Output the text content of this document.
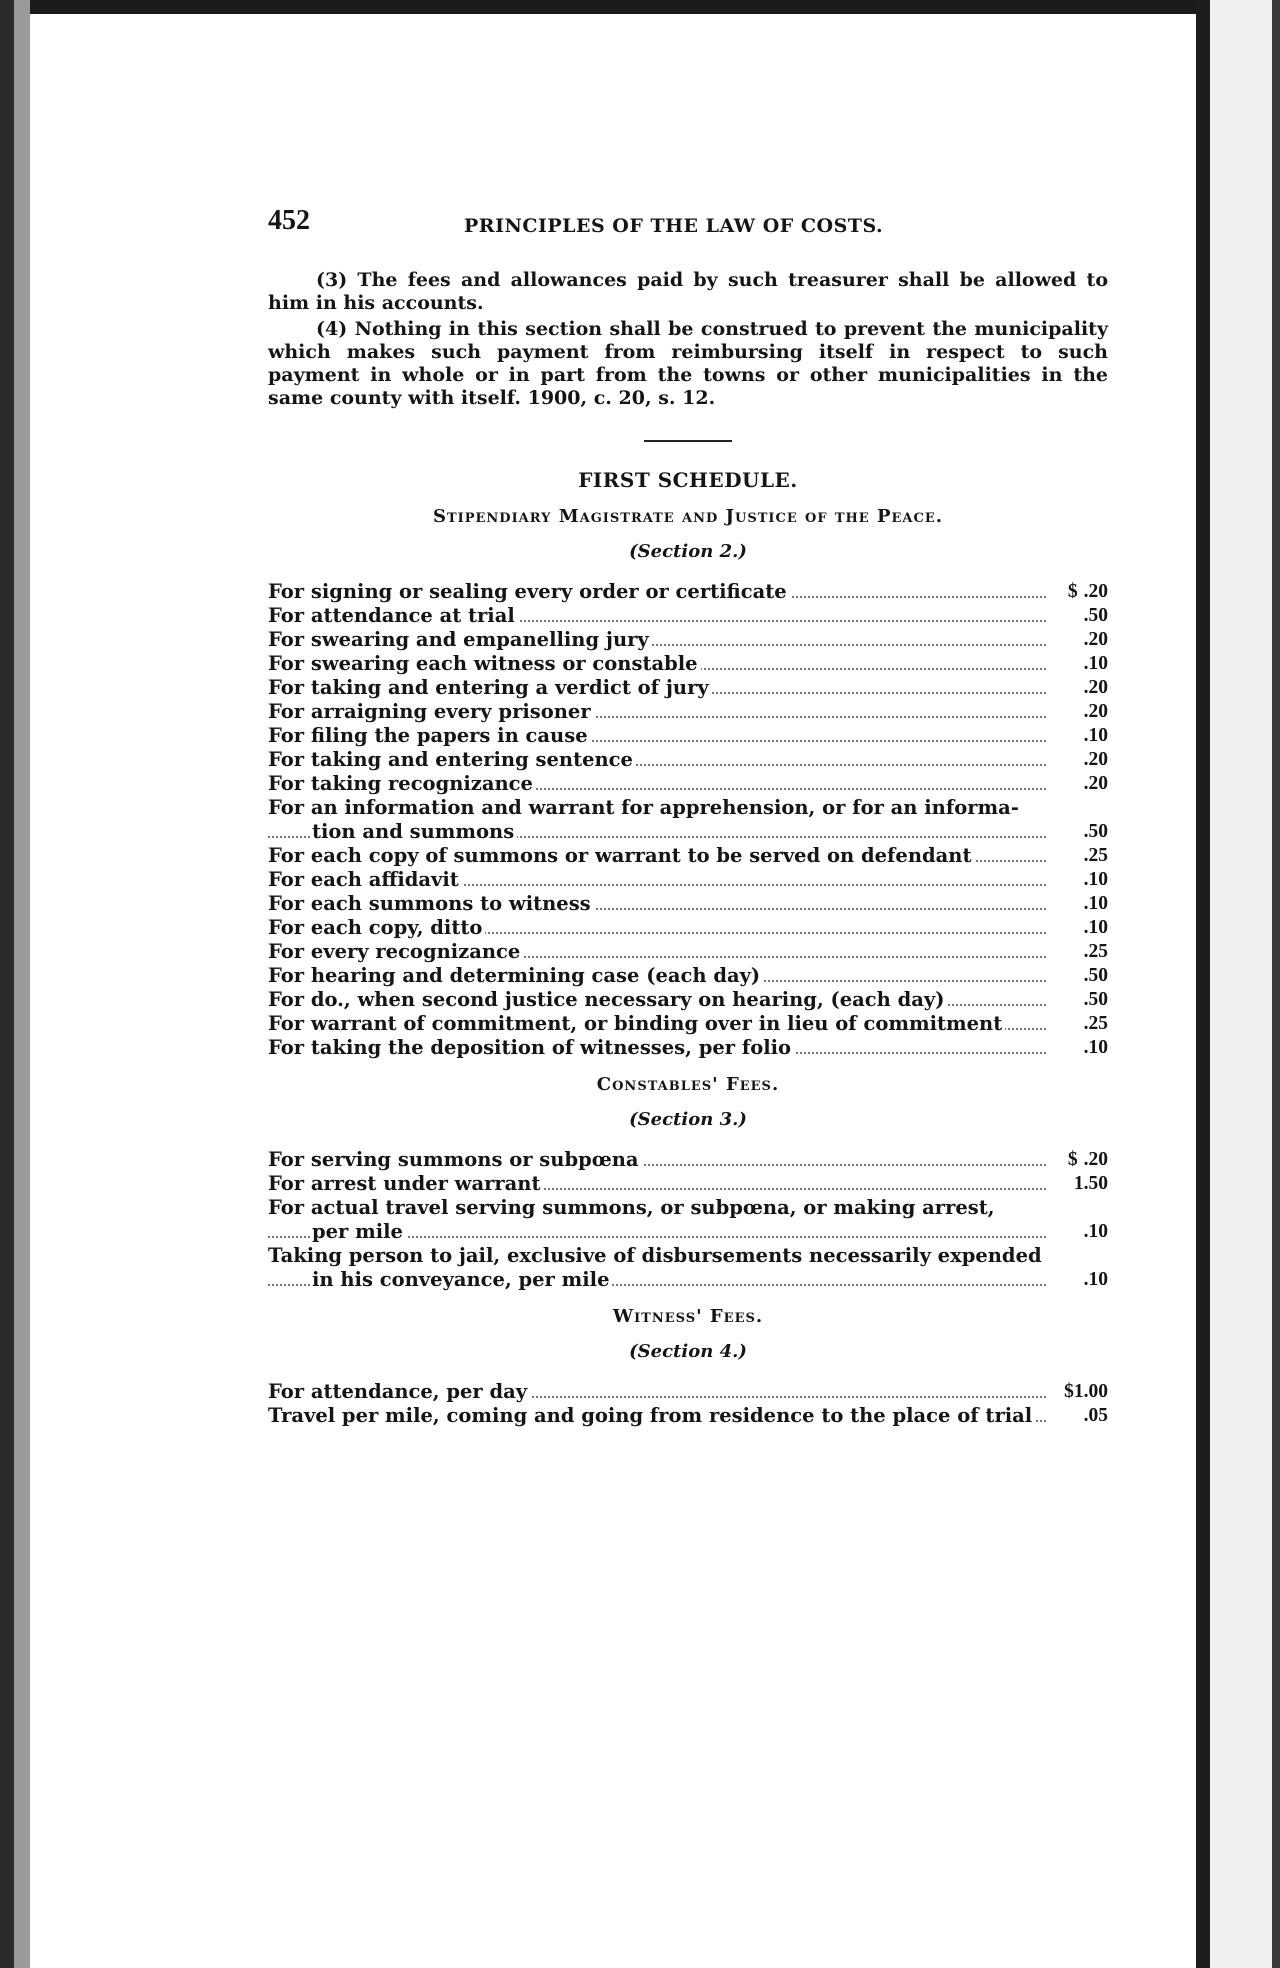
452	PRINCIPLES OF THE LAW OF COSTS.

(3) The fees and allowances paid by such treasurer shall be allowed to him in his accounts.

(4) Nothing in this section shall be construed to prevent the municipality which makes such payment from reimbursing itself in respect to such payment in whole or in part from the towns or other municipalities in the same county with itself. 1900, c. 20, s. 12.

FIRST SCHEDULE.
Stipendiary Magistrate and Justice of the Peace.
(Section 2.)
For signing or sealing every order or certificate	$ .20
For attendance at trial	.50
For swearing and empanelling jury	.20
For swearing each witness or constable	.10
For taking and entering a verdict of jury	.20
For arraigning every prisoner	.20
For filing the papers in cause	.10
For taking and entering sentence	.20
For taking recognizance	.20
For an information and warrant for apprehension, or for an informa-
tion and summons	.50
For each copy of summons or warrant to be served on defendant	.25
For each affidavit	.10
For each summons to witness	.10
For each copy, ditto	.10
For every recognizance	.25
For hearing and determining case (each day)	.50
For do., when second justice necessary on hearing, (each day)	.50
For warrant of commitment, or binding over in lieu of commitment	.25
For taking the deposition of witnesses, per folio	.10
Constables' Fees.
(Section 3.)
For serving summons or subpœna	$ .20
For arrest under warrant	1.50
For actual travel serving summons, or subpœna, or making arrest,
per mile	.10
Taking person to jail, exclusive of disbursements necessarily expended
in his conveyance, per mile	.10
Witness' Fees.
(Section 4.)
For attendance, per day	$1.00
Travel per mile, coming and going from residence to the place of trial	.05
